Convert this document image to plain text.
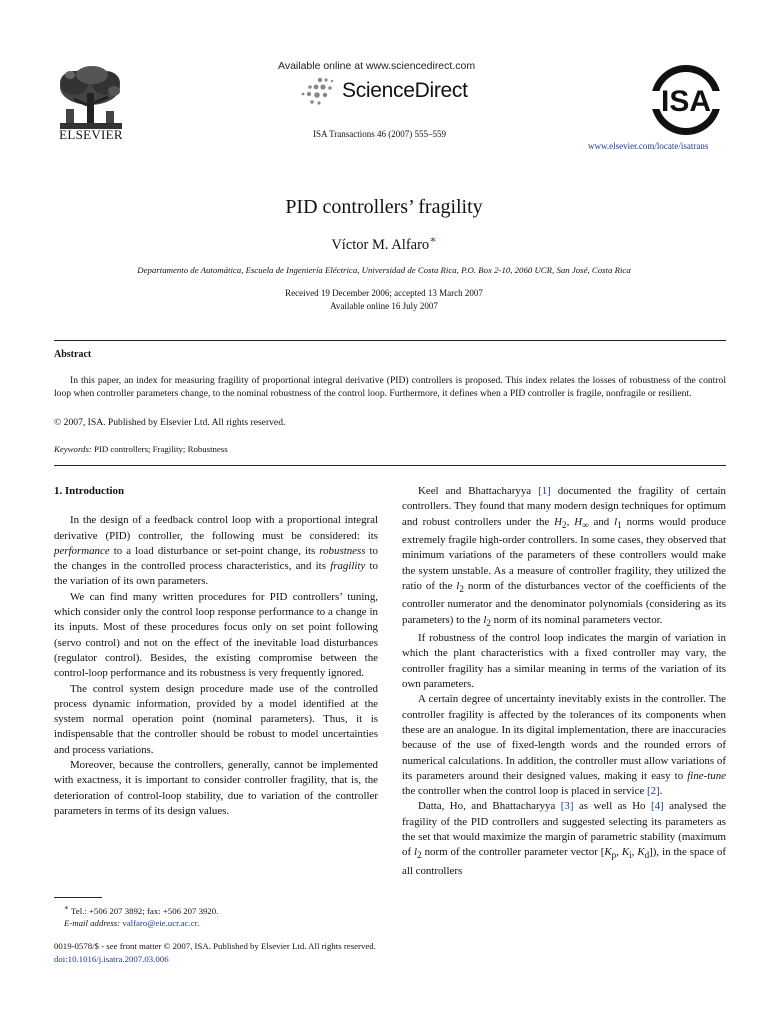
ELSEVIER
Available online at www.sciencedirect.com
ScienceDirect
ISA Transactions 46 (2007) 555–559
ISA
www.elsevier.com/locate/isatrans
PID controllers’ fragility
Víctor M. Alfaro∗
Departamento de Automática, Escuela de Ingeniería Eléctrica, Universidad de Costa Rica, P.O. Box 2-10, 2060 UCR, San José, Costa Rica
Received 19 December 2006; accepted 13 March 2007
Available online 16 July 2007
Abstract
In this paper, an index for measuring fragility of proportional integral derivative (PID) controllers is proposed. This index relates the losses of robustness of the control loop when controller parameters change, to the nominal robustness of the control loop. Furthermore, it defines when a PID controller is fragile, nonfragile or resilient.
© 2007, ISA. Published by Elsevier Ltd. All rights reserved.
Keywords: PID controllers; Fragility; Robustness

1. Introduction

In the design of a feedback control loop with a proportional integral derivative (PID) controller, the following must be considered: its performance to a load disturbance or set-point change, its robustness to the changes in the controlled process characteristics, and its fragility to the variation of its own parameters.

We can find many written procedures for PID controllers’ tuning, which consider only the control loop response performance to a change in its inputs. Most of these procedures focus only on set point following (servo control) and not on the effect of the inevitable load disturbances (regulator control). Besides, the existing compromise between the control-loop performance and its robustness is very frequently ignored.

The control system design procedure made use of the controlled process dynamic information, provided by a model identified at the system normal operation point (nominal parameters). Thus, it is indispensable that the controller should be robust to model uncertainties and process variations.

Moreover, because the controllers, generally, cannot be implemented with exactness, it is important to consider controller fragility, that is, the deterioration of control-loop stability, due to variation of the controller parameters in terms of its design values.

Keel and Bhattacharyya [1] documented the fragility of certain controllers. They found that many modern design techniques for optimum and robust controllers under the $H_2$, $H_\infty$ and $l_1$ norms would produce extremely fragile high-order controllers. In some cases, they observed that minimum variations of the parameters of these controllers would make the system unstable. As a measure of controller fragility, they utilized the ratio of the $l_2$ norm of the disturbances vector of the coefficients of the controller numerator and the denominator polynomials (considering as its parameters) to the $l_2$ norm of its nominal parameters vector.

If robustness of the control loop indicates the margin of variation in which the plant characteristics with a fixed controller may vary, the controller fragility has a similar meaning in terms of the variation of its own parameters.

A certain degree of uncertainty inevitably exists in the controller. The controller fragility is affected by the tolerances of its components when these are an analogue. In its digital implementation, there are inaccuracies because of the use of fixed-length words and the rounded errors of numerical calculations. In addition, the controller must allow variations of its parameters around their designed values, making it easy to fine-tune the controller when the control loop is placed in service [2].

Datta, Ho, and Bhattacharyya [3] as well as Ho [4] analysed the fragility of the PID controllers and suggested selecting its parameters as the set that would maximize the margin of parametric stability (maximum of $l_2$ norm of the controller parameter vector [$K_p$, $K_i$, $K_d$]), in the space of all controllers

∗ Tel.: +506 207 3892; fax: +506 207 3920.
E-mail address: valfaro@eie.ucr.ac.cr.
0019-0578/$ - see front matter © 2007, ISA. Published by Elsevier Ltd. All rights reserved.
doi:10.1016/j.isatra.2007.03.006
